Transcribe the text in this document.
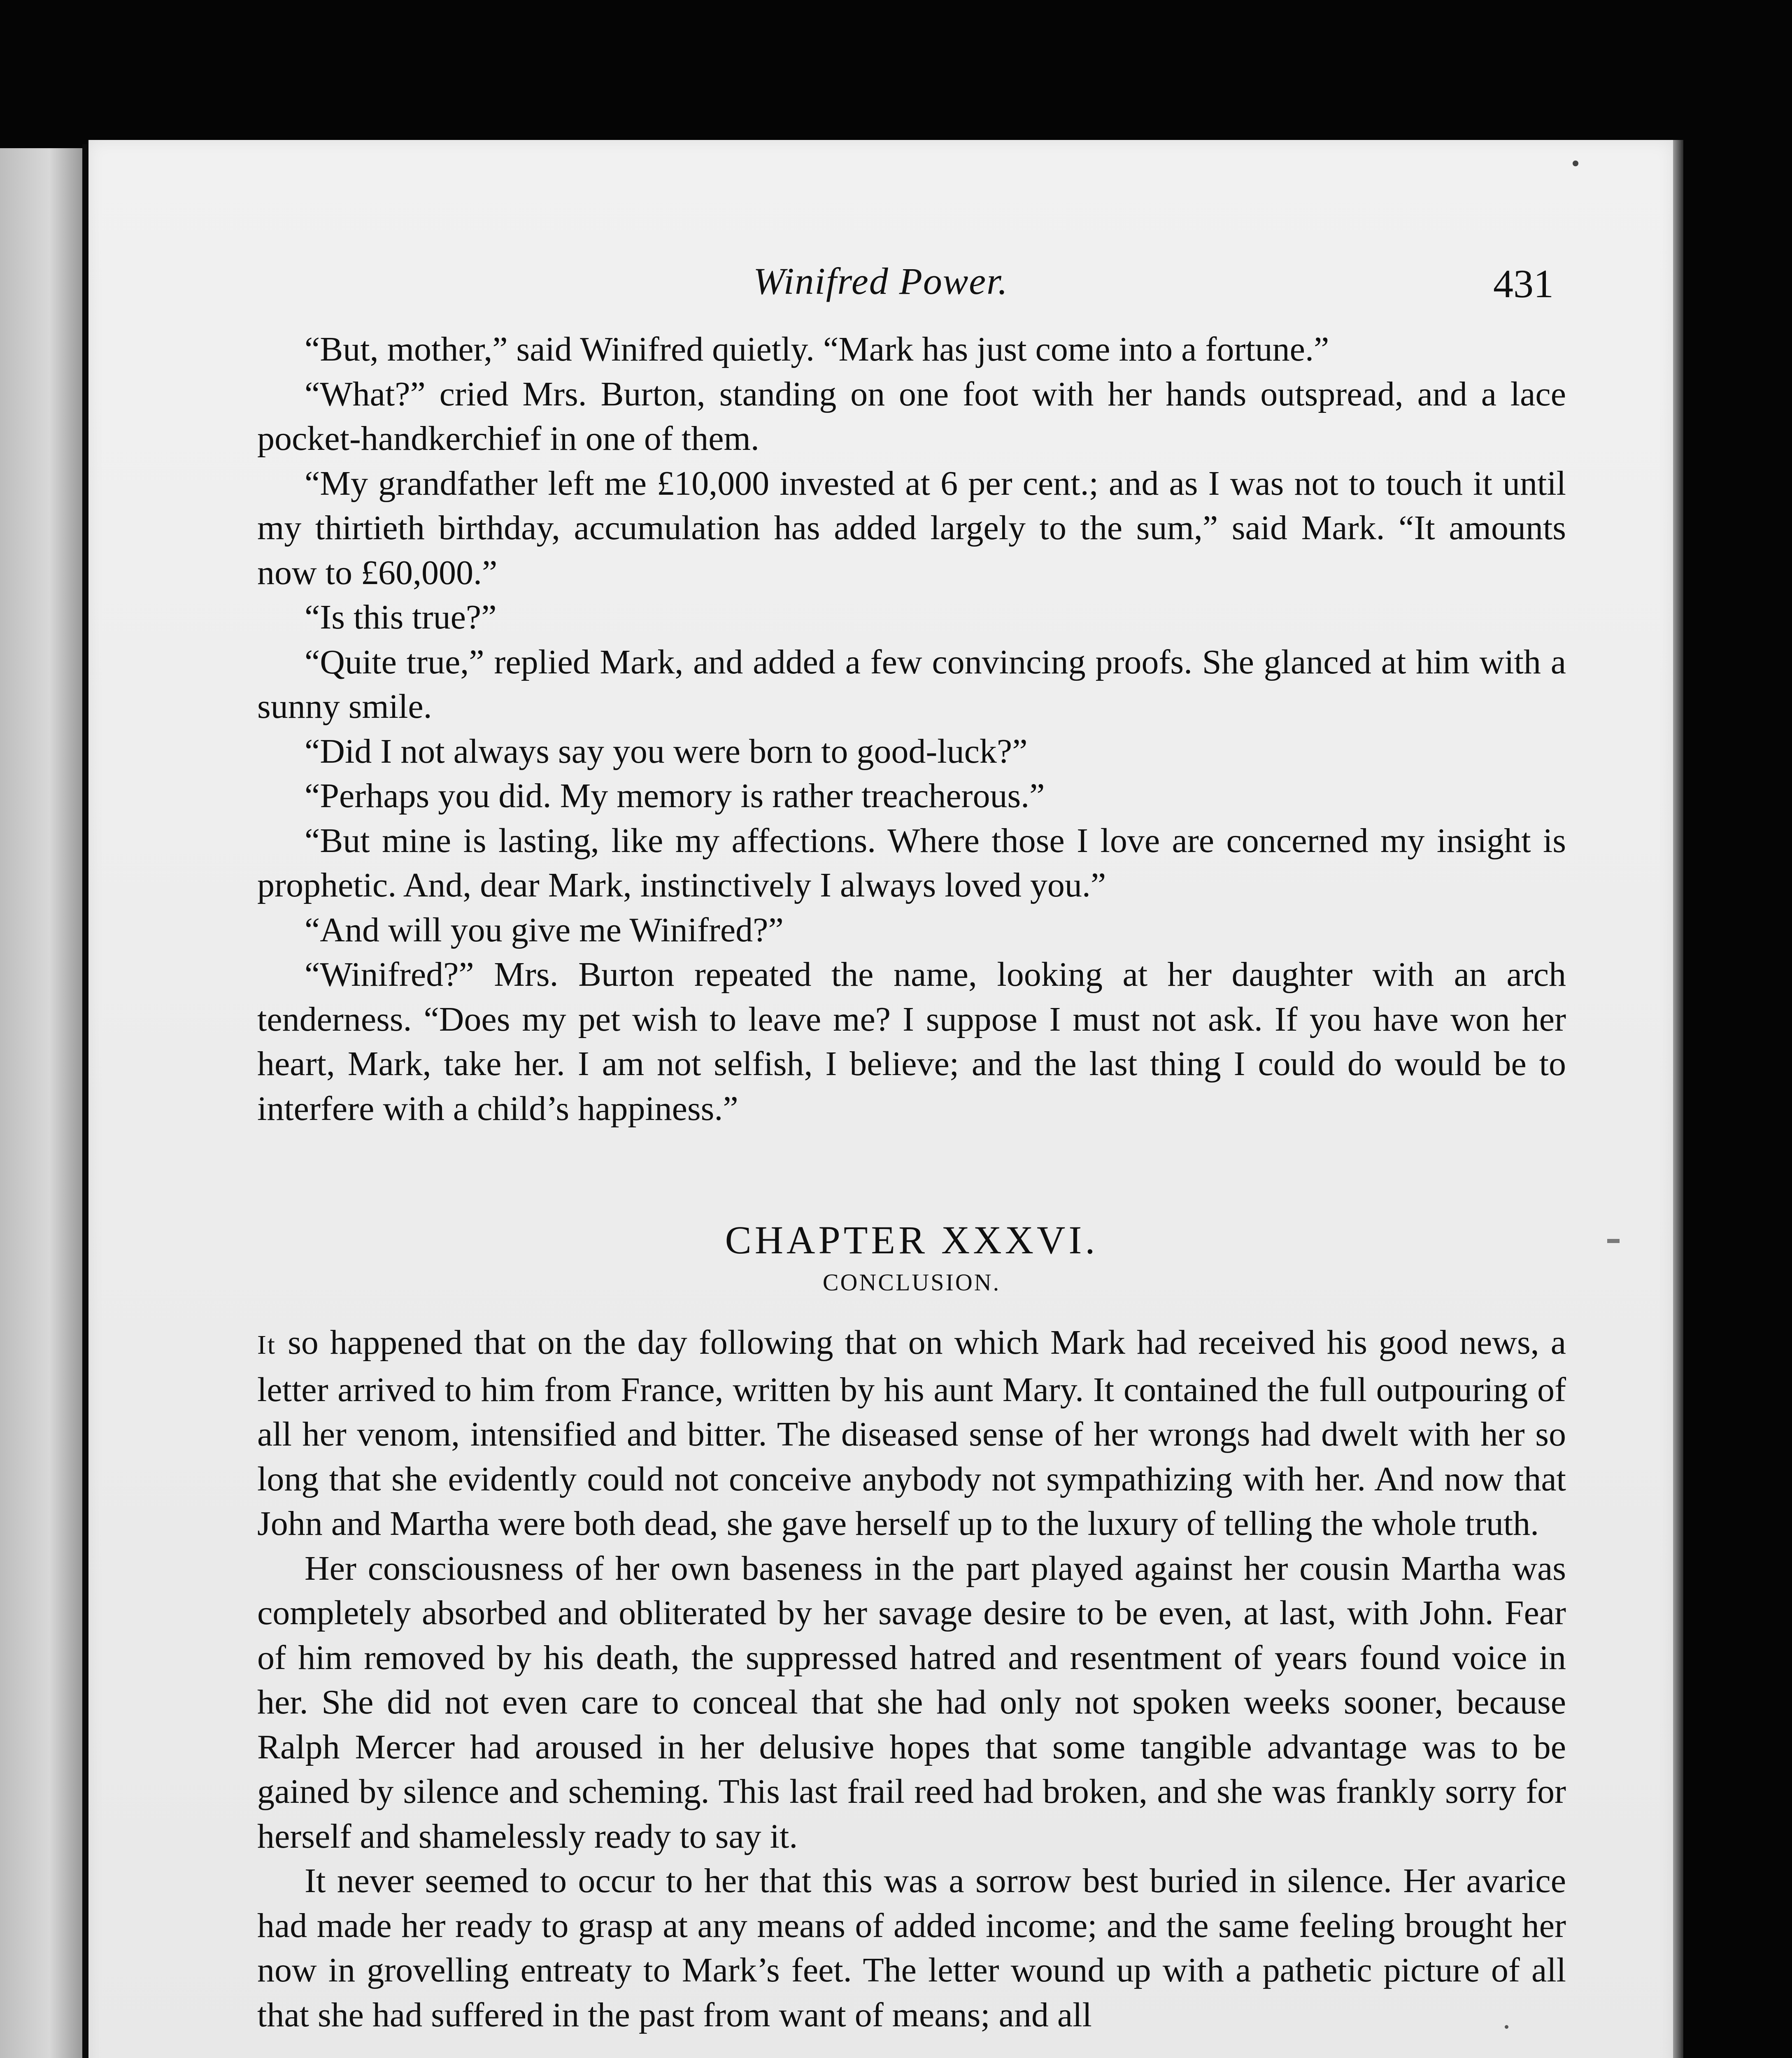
Winifred Power.	431

“But, mother,” said Winifred quietly. “Mark has just come into a fortune.”

“What?” cried Mrs. Burton, standing on one foot with her hands outspread, and a lace pocket-handkerchief in one of them.

“My grandfather left me £10,000 invested at 6 per cent.; and as I was not to touch it until my thirtieth birthday, accumulation has added largely to the sum,” said Mark. “It amounts now to £60,000.”

“Is this true?”

“Quite true,” replied Mark, and added a few convincing proofs. She glanced at him with a sunny smile.

“Did I not always say you were born to good-luck?”

“Perhaps you did. My memory is rather treacherous.”

“But mine is lasting, like my affections. Where those I love are concerned my insight is prophetic. And, dear Mark, instinctively I always loved you.”

“And will you give me Winifred?”

“Winifred?” Mrs. Burton repeated the name, looking at her daughter with an arch tenderness. “Does my pet wish to leave me? I suppose I must not ask. If you have won her heart, Mark, take her. I am not selfish, I believe; and the last thing I could do would be to interfere with a child’s happiness.”

CHAPTER XXXVI.
CONCLUSION.

It so happened that on the day following that on which Mark had received his good news, a letter arrived to him from France, written by his aunt Mary. It contained the full outpouring of all her venom, intensified and bitter. The diseased sense of her wrongs had dwelt with her so long that she evidently could not conceive anybody not sympathizing with her. And now that John and Martha were both dead, she gave herself up to the luxury of telling the whole truth.

Her consciousness of her own baseness in the part played against her cousin Martha was completely absorbed and obliterated by her savage desire to be even, at last, with John. Fear of him removed by his death, the suppressed hatred and resentment of years found voice in her. She did not even care to conceal that she had only not spoken weeks sooner, because Ralph Mercer had aroused in her delusive hopes that some tangible advantage was to be gained by silence and scheming. This last frail reed had broken, and she was frankly sorry for herself and shamelessly ready to say it.

It never seemed to occur to her that this was a sorrow best buried in silence. Her avarice had made her ready to grasp at any means of added income; and the same feeling brought her now in grovelling entreaty to Mark’s feet. The letter wound up with a pathetic picture of all that she had suffered in the past from want of means; and all
